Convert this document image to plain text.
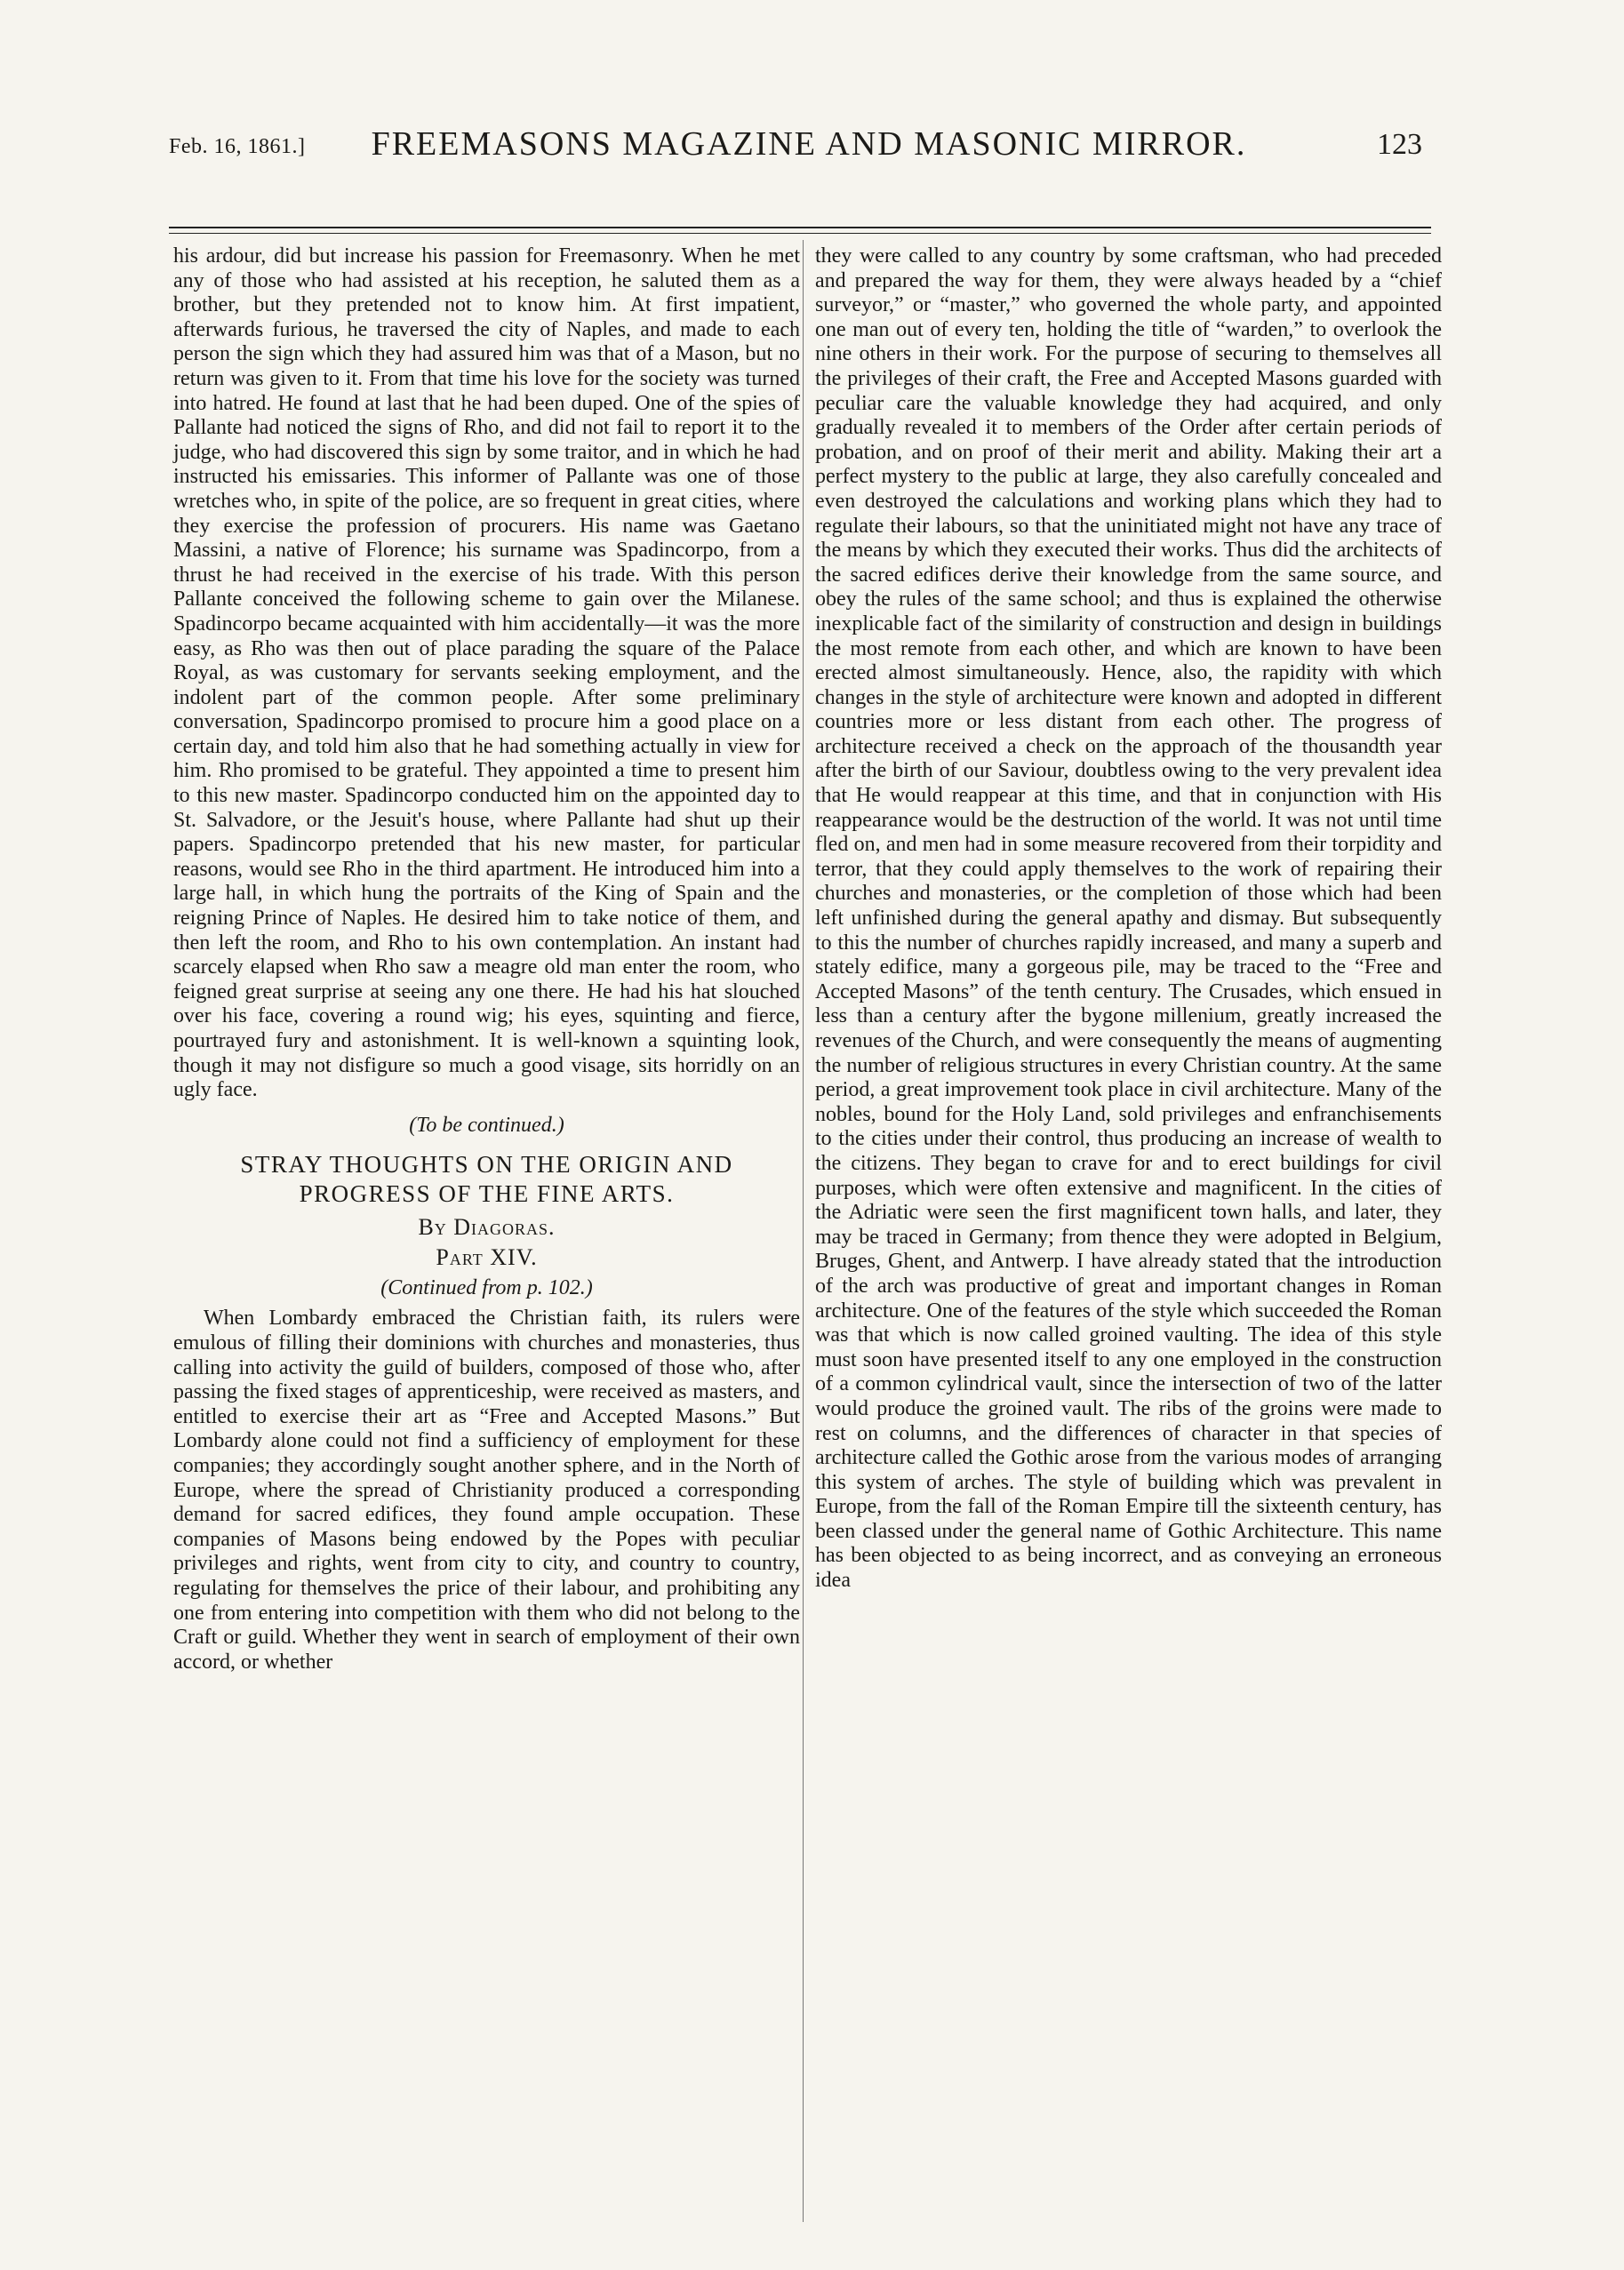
Feb. 16, 1861.]	FREEMASONS MAGAZINE AND MASONIC MIRROR.	123

his ardour, did but increase his passion for Freemasonry. When he met any of those who had assisted at his reception, he saluted them as a brother, but they pretended not to know him. At first impatient, afterwards furious, he traversed the city of Naples, and made to each person the sign which they had assured him was that of a Mason, but no return was given to it. From that time his love for the society was turned into hatred. He found at last that he had been duped. One of the spies of Pallante had noticed the signs of Rho, and did not fail to report it to the judge, who had discovered this sign by some traitor, and in which he had instructed his emissaries. This informer of Pallante was one of those wretches who, in spite of the police, are so frequent in great cities, where they exercise the profession of procurers. His name was Gaetano Massini, a native of Florence; his surname was Spadincorpo, from a thrust he had received in the exercise of his trade. With this person Pallante conceived the following scheme to gain over the Milanese. Spadincorpo became acquainted with him accidentally—it was the more easy, as Rho was then out of place parading the square of the Palace Royal, as was customary for servants seeking employment, and the indolent part of the common people. After some preliminary conversation, Spadincorpo promised to procure him a good place on a certain day, and told him also that he had something actually in view for him. Rho promised to be grateful. They appointed a time to present him to this new master. Spadincorpo conducted him on the appointed day to St. Salvadore, or the Jesuit's house, where Pallante had shut up their papers. Spadincorpo pretended that his new master, for particular reasons, would see Rho in the third apartment. He introduced him into a large hall, in which hung the portraits of the King of Spain and the reigning Prince of Naples. He desired him to take notice of them, and then left the room, and Rho to his own contemplation. An instant had scarcely elapsed when Rho saw a meagre old man enter the room, who feigned great surprise at seeing any one there. He had his hat slouched over his face, covering a round wig; his eyes, squinting and fierce, pourtrayed fury and astonishment. It is well-known a squinting look, though it may not disfigure so much a good visage, sits horridly on an ugly face.

(To be continued.)
STRAY THOUGHTS ON THE ORIGIN AND PROGRESS OF THE FINE ARTS.
By Diagoras.
Part XIV.
(Continued from p. 102.)

When Lombardy embraced the Christian faith, its rulers were emulous of filling their dominions with churches and monasteries, thus calling into activity the guild of builders, composed of those who, after passing the fixed stages of apprenticeship, were received as masters, and entitled to exercise their art as “Free and Accepted Masons.” But Lombardy alone could not find a sufficiency of employment for these companies; they accordingly sought another sphere, and in the North of Europe, where the spread of Christianity produced a corresponding demand for sacred edifices, they found ample occupation. These companies of Masons being endowed by the Popes with peculiar privileges and rights, went from city to city, and country to country, regulating for themselves the price of their labour, and prohibiting any one from entering into competition with them who did not belong to the Craft or guild. Whether they went in search of employment of their own accord, or whether

they were called to any country by some craftsman, who had preceded and prepared the way for them, they were always headed by a “chief surveyor,” or “master,” who governed the whole party, and appointed one man out of every ten, holding the title of “warden,” to overlook the nine others in their work. For the purpose of securing to themselves all the privileges of their craft, the Free and Accepted Masons guarded with peculiar care the valuable knowledge they had acquired, and only gradually revealed it to members of the Order after certain periods of probation, and on proof of their merit and ability. Making their art a perfect mystery to the public at large, they also carefully concealed and even destroyed the calculations and working plans which they had to regulate their labours, so that the uninitiated might not have any trace of the means by which they executed their works. Thus did the architects of the sacred edifices derive their knowledge from the same source, and obey the rules of the same school; and thus is explained the otherwise inexplicable fact of the similarity of construction and design in buildings the most remote from each other, and which are known to have been erected almost simultaneously. Hence, also, the rapidity with which changes in the style of architecture were known and adopted in different countries more or less distant from each other. The progress of architecture received a check on the approach of the thousandth year after the birth of our Saviour, doubtless owing to the very prevalent idea that He would reappear at this time, and that in conjunction with His reappearance would be the destruction of the world. It was not until time fled on, and men had in some measure recovered from their torpidity and terror, that they could apply themselves to the work of repairing their churches and monasteries, or the completion of those which had been left unfinished during the general apathy and dismay. But subsequently to this the number of churches rapidly increased, and many a superb and stately edifice, many a gorgeous pile, may be traced to the “Free and Accepted Masons” of the tenth century. The Crusades, which ensued in less than a century after the bygone millenium, greatly increased the revenues of the Church, and were consequently the means of augmenting the number of religious structures in every Christian country. At the same period, a great improvement took place in civil architecture. Many of the nobles, bound for the Holy Land, sold privileges and enfranchisements to the cities under their control, thus producing an increase of wealth to the citizens. They began to crave for and to erect buildings for civil purposes, which were often extensive and magnificent. In the cities of the Adriatic were seen the first magnificent town halls, and later, they may be traced in Germany; from thence they were adopted in Belgium, Bruges, Ghent, and Antwerp. I have already stated that the introduction of the arch was productive of great and important changes in Roman architecture. One of the features of the style which succeeded the Roman was that which is now called groined vaulting. The idea of this style must soon have presented itself to any one employed in the construction of a common cylindrical vault, since the intersection of two of the latter would produce the groined vault. The ribs of the groins were made to rest on columns, and the differences of character in that species of architecture called the Gothic arose from the various modes of arranging this system of arches. The style of building which was prevalent in Europe, from the fall of the Roman Empire till the sixteenth century, has been classed under the general name of Gothic Architecture. This name has been objected to as being incorrect, and as conveying an erroneous idea
